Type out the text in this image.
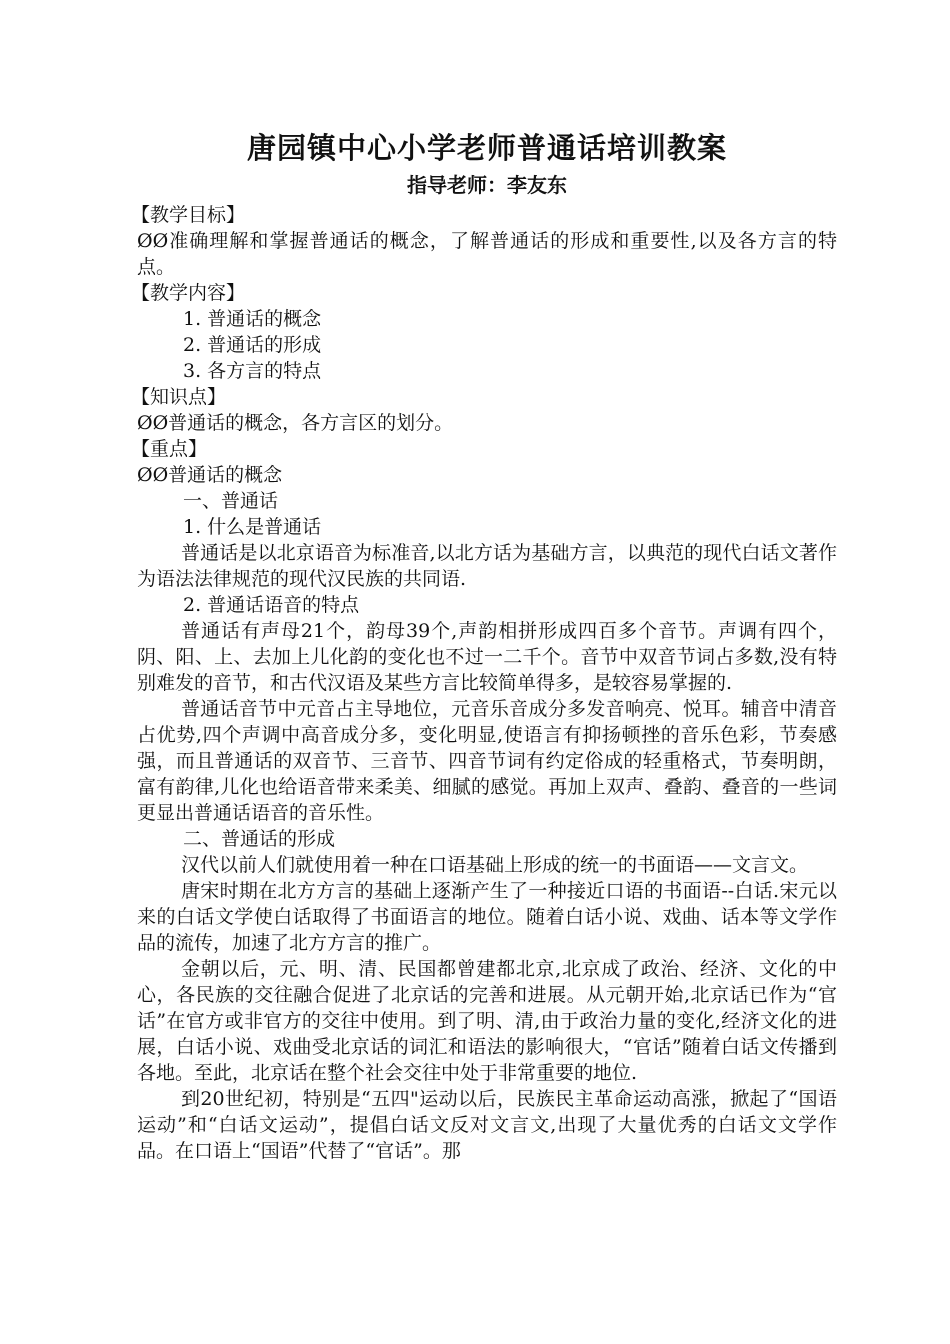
唐园镇中心小学老师普通话培训教案
指导老师：李友东
【教学目标】

ØØ准确理解和掌握普通话的概念，了解普通话的形成和重要性,以及各方言的特点。

【教学内容】
1. 普通话的概念
2. 普通话的形成
3. 各方言的特点
【知识点】

ØØ普通话的概念，各方言区的划分。

【重点】

ØØ普通话的概念

一、普通话
1. 什么是普通话

普通话是以北京语音为标准音,以北方话为基础方言，以典范的现代白话文著作为语法法律规范的现代汉民族的共同语.

2. 普通话语音的特点

普通话有声母21个，韵母39个,声韵相拼形成四百多个音节。声调有四个，阴、阳、上、去加上儿化韵的变化也不过一二千个。音节中双音节词占多数,没有特别难发的音节，和古代汉语及某些方言比较简单得多，是较容易掌握的.

普通话音节中元音占主导地位，元音乐音成分多发音响亮、悦耳。辅音中清音占优势,四个声调中高音成分多，变化明显,使语言有抑扬顿挫的音乐色彩，节奏感强，而且普通话的双音节、三音节、四音节词有约定俗成的轻重格式，节奏明朗，富有韵律,儿化也给语音带来柔美、细腻的感觉。再加上双声、叠韵、叠音的一些词更显出普通话语音的音乐性。

二、普通话的形成

汉代以前人们就使用着一种在口语基础上形成的统一的书面语——文言文。

唐宋时期在北方方言的基础上逐渐产生了一种接近口语的书面语--白话.宋元以来的白话文学使白话取得了书面语言的地位。随着白话小说、戏曲、话本等文学作品的流传，加速了北方方言的推广。

金朝以后，元、明、清、民国都曾建都北京,北京成了政治、经济、文化的中心，各民族的交往融合促进了北京话的完善和进展。从元朝开始,北京话已作为“官话”在官方或非官方的交往中使用。到了明、清,由于政治力量的变化,经济文化的进展，白话小说、戏曲受北京话的词汇和语法的影响很大，“官话”随着白话文传播到各地。至此，北京话在整个社会交往中处于非常重要的地位.

到20世纪初，特别是“五四"运动以后，民族民主革命运动高涨，掀起了“国语运动”和“白话文运动”，提倡白话文反对文言文,出现了大量优秀的白话文文学作品。在口语上“国语”代替了“官话”。那
